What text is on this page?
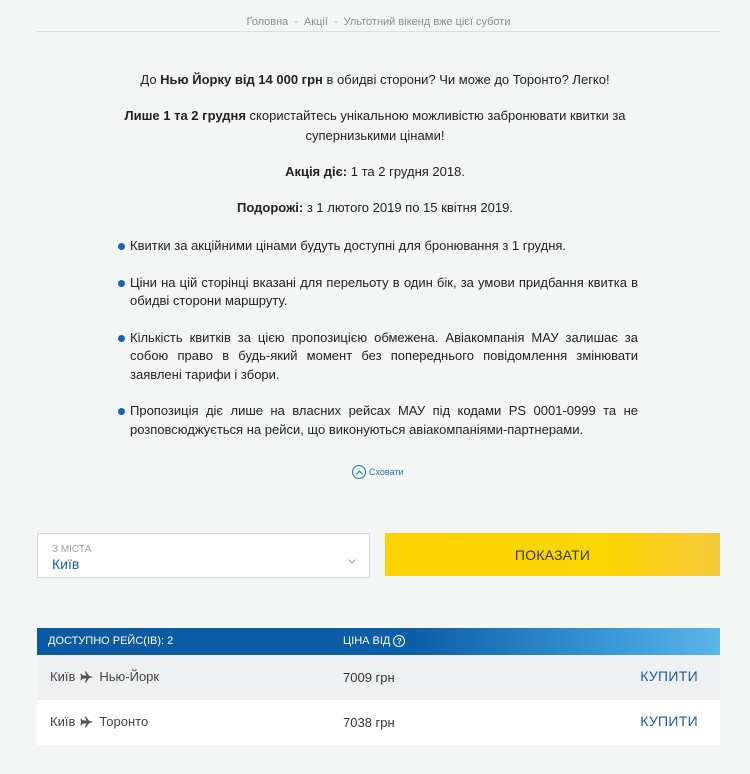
Головна - Акції - Ультотний вікенд вже цієї суботи

До Нью Йорку від 14 000 грн в обидві сторони? Чи може до Торонто? Легко!

Лише 1 та 2 грудня скористайтесь унікальною можливістю забронювати квитки за супернизькими цінами!

Акція діє: 1 та 2 грудня 2018.

Подорожі: з 1 лютого 2019 по 15 квітня 2019.

Квитки за акційними цінами будуть доступні для бронювання з 1 грудня.
Ціни на цій сторінці вказані для перельоту в один бік, за умови придбання квитка в обидві сторони маршруту.
Кількість квитків за цією пропозицією обмежена. Авіакомпанія МАУ залишає за собою право в будь-який момент без попереднього повідомлення змінювати заявлені тарифи і збори.
Пропозиція діє лише на власних рейсах МАУ під кодами PS 0001-0999 та не розповсюджується на рейси, що виконуються авіакомпаніями-партнерами.
Сховати
З МІСТА
Київ
ПОКАЗАТИ
ДОСТУПНО РЕЙС(ІВ): 2	ЦІНА ВІД ?
Київ Нью-Йорк	7009 грн	КУПИТИ
Київ Торонто	7038 грн	КУПИТИ
